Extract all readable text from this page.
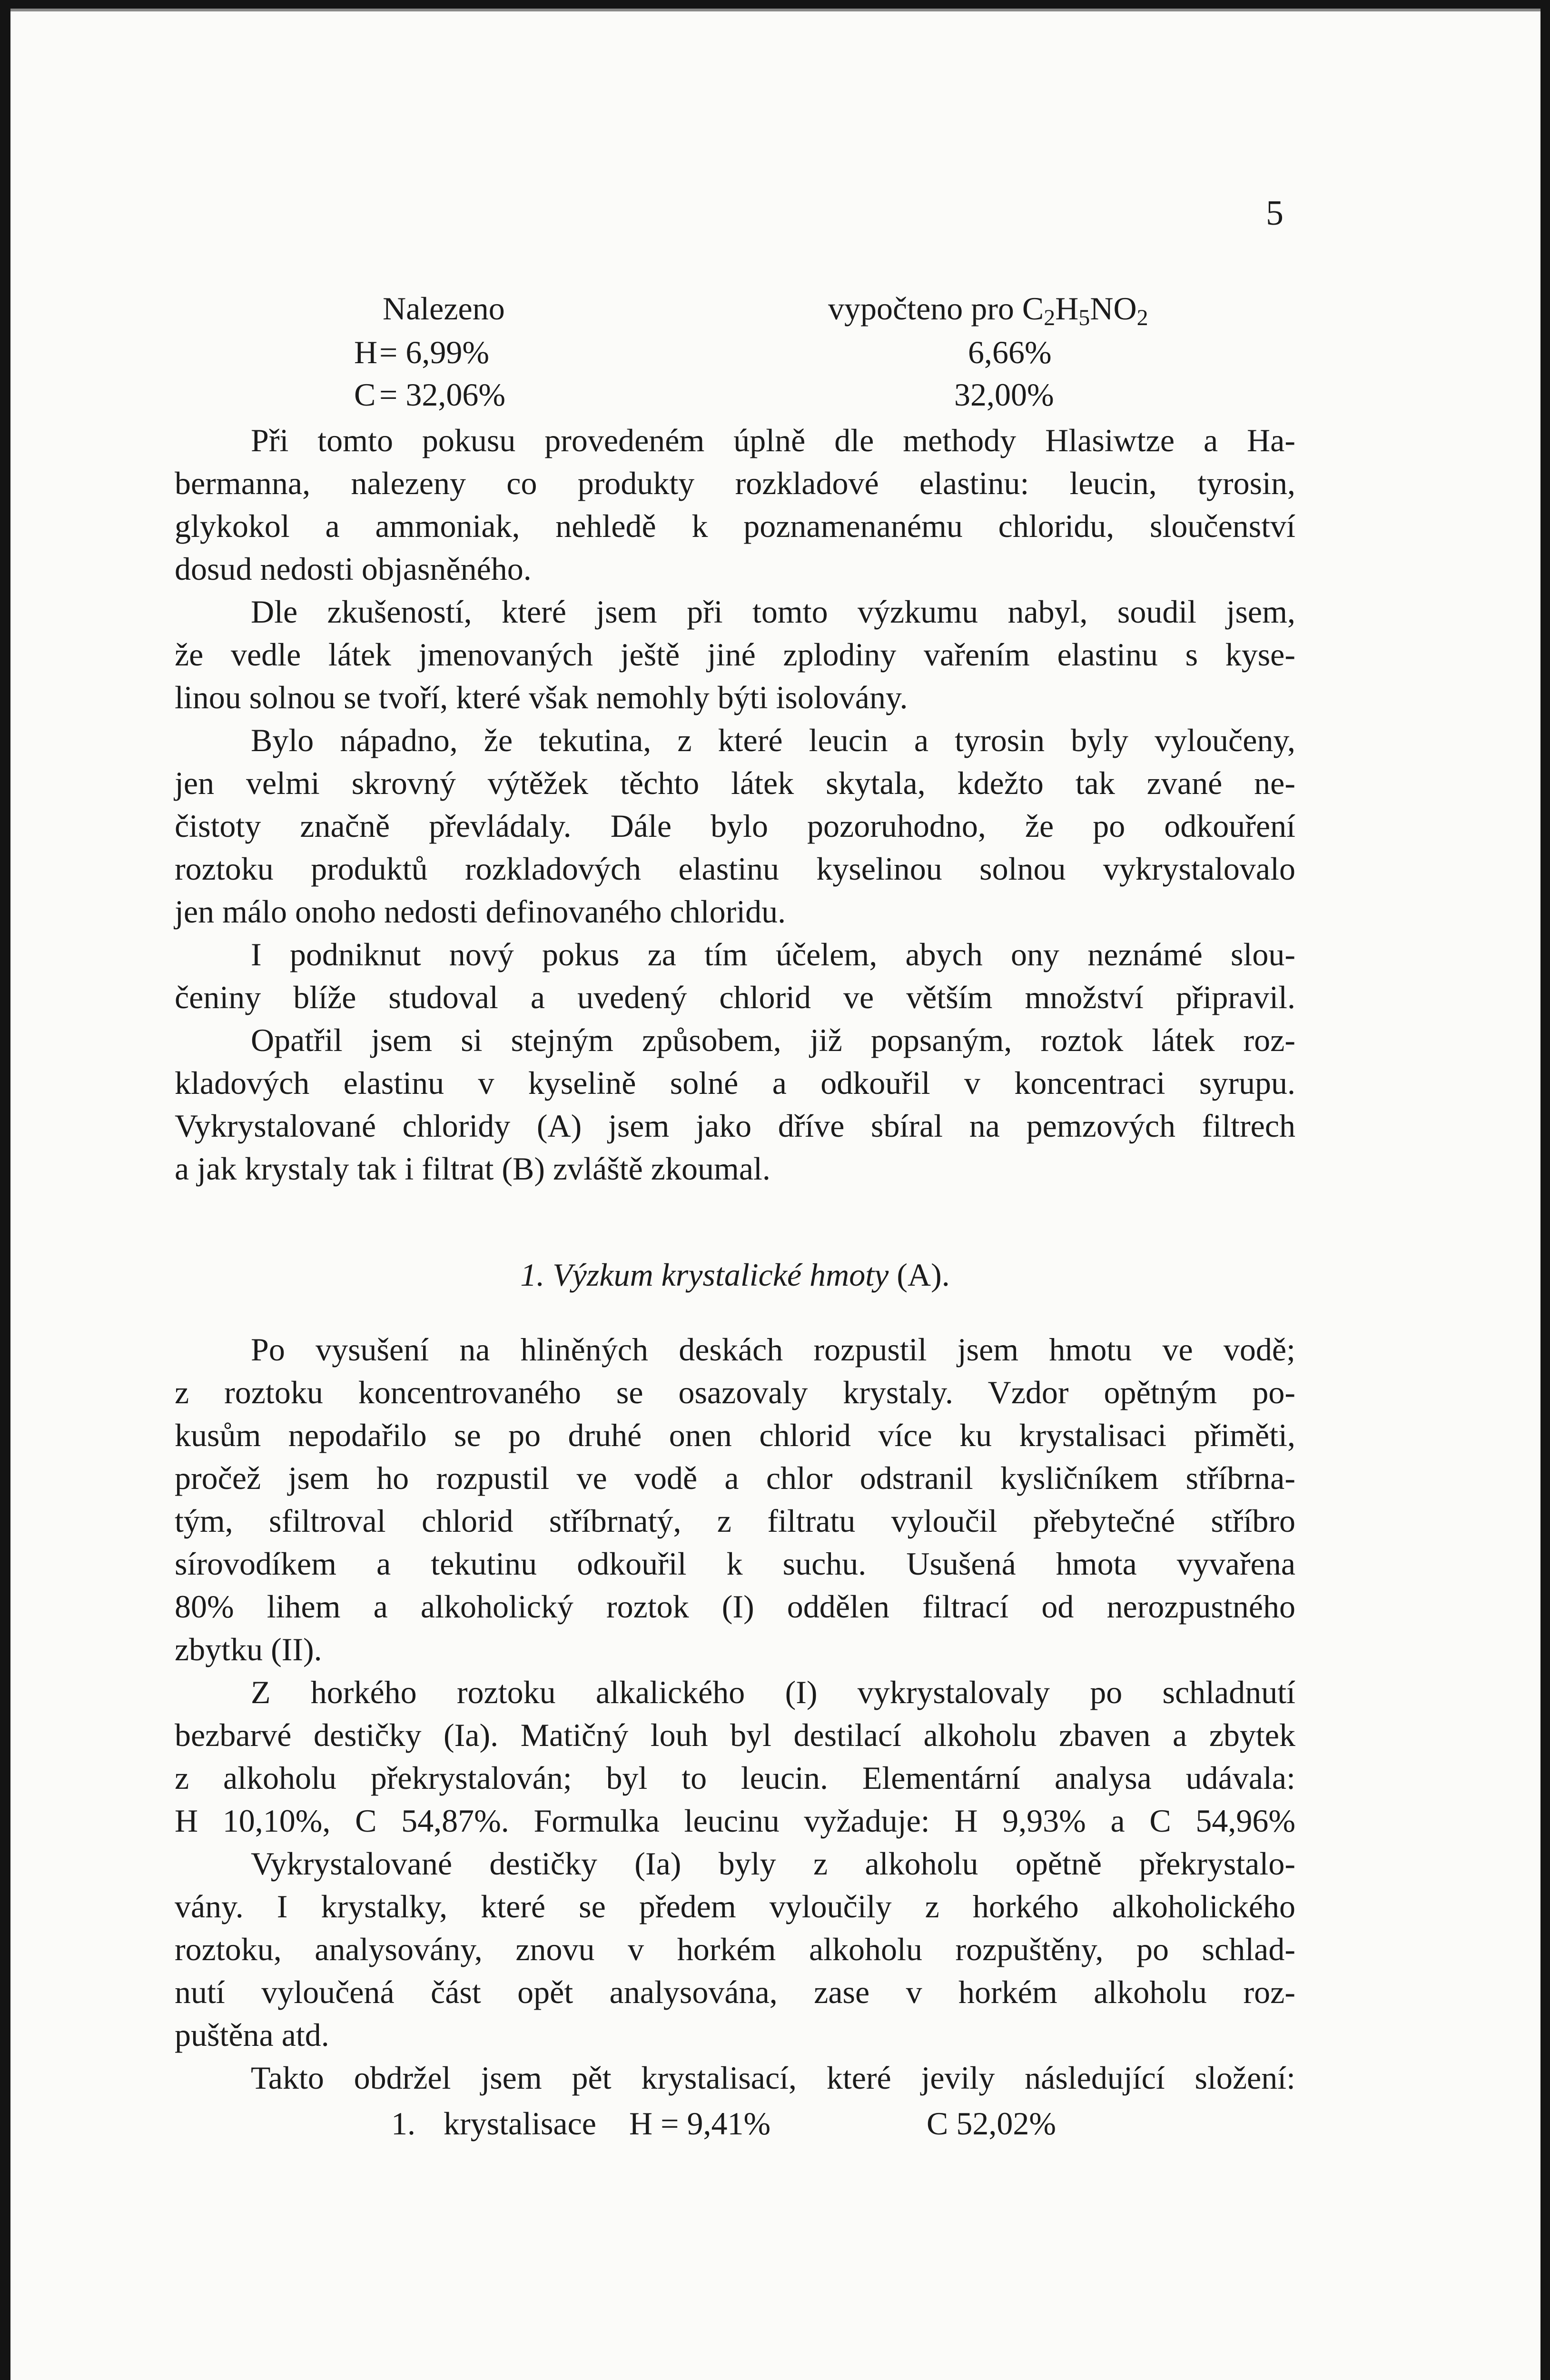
5
Nalezeno	vypočteno pro $C_2H_5NO_2$
H = 6,99%	6,66%
C = 32,06%	32,00%
Při tomto pokusu provedeném úplně dle methody Hlasiwtze a Ha-
bermanna, nalezeny co produkty rozkladové elastinu: leucin, tyrosin,
glykokol a ammoniak, nehledě k poznamenanému chloridu, sloučenství
dosud nedosti objasněného.
Dle zkušeností, které jsem při tomto výzkumu nabyl, soudil jsem,
že vedle látek jmenovaných ještě jiné zplodiny vařením elastinu s kyse-
linou solnou se tvoří, které však nemohly býti isolovány.
Bylo nápadno, že tekutina, z které leucin a tyrosin byly vyloučeny,
jen velmi skrovný výtěžek těchto látek skytala, kdežto tak zvané ne-
čistoty značně převládaly. Dále bylo pozoruhodno, že po odkouření
roztoku produktů rozkladových elastinu kyselinou solnou vykrystalovalo
jen málo onoho nedosti definovaného chloridu.
I podniknut nový pokus za tím účelem, abych ony neznámé slou-
čeniny blíže studoval a uvedený chlorid ve větším množství připravil.
Opatřil jsem si stejným způsobem, již popsaným, roztok látek roz-
kladových elastinu v kyselině solné a odkouřil v koncentraci syrupu.
Vykrystalované chloridy (A) jsem jako dříve sbíral na pemzových filtrech
a jak krystaly tak i filtrat (B) zvláště zkoumal.
1. Výzkum krystalické hmoty (A).
Po vysušení na hliněných deskách rozpustil jsem hmotu ve vodě;
z roztoku koncentrovaného se osazovaly krystaly. Vzdor opětným po-
kusům nepodařilo se po druhé onen chlorid více ku krystalisaci přiměti,
pročež jsem ho rozpustil ve vodě a chlor odstranil kysličníkem stříbrna-
tým, sfiltroval chlorid stříbrnatý, z filtratu vyloučil přebytečné stříbro
sírovodíkem a tekutinu odkouřil k suchu. Usušená hmota vyvařena
80% lihem a alkoholický roztok (I) oddělen filtrací od nerozpustného
zbytku (II).
Z horkého roztoku alkalického (I) vykrystalovaly po schladnutí
bezbarvé destičky (Ia). Matičný louh byl destilací alkoholu zbaven a zbytek
z alkoholu překrystalován; byl to leucin. Elementární analysa udávala:
H 10,10%, C 54,87%. Formulka leucinu vyžaduje: H 9,93% a C 54,96%
Vykrystalované destičky (Ia) byly z alkoholu opětně překrystalo-
vány. I krystalky, které se předem vyloučily z horkého alkoholického
roztoku, analysovány, znovu v horkém alkoholu rozpuštěny, po schlad-
nutí vyloučená část opět analysována, zase v horkém alkoholu roz-
puštěna atd.
Takto obdržel jsem pět krystalisací, které jevily následující složení:
1. krystalisace H = 9,41%	C 52,02%
